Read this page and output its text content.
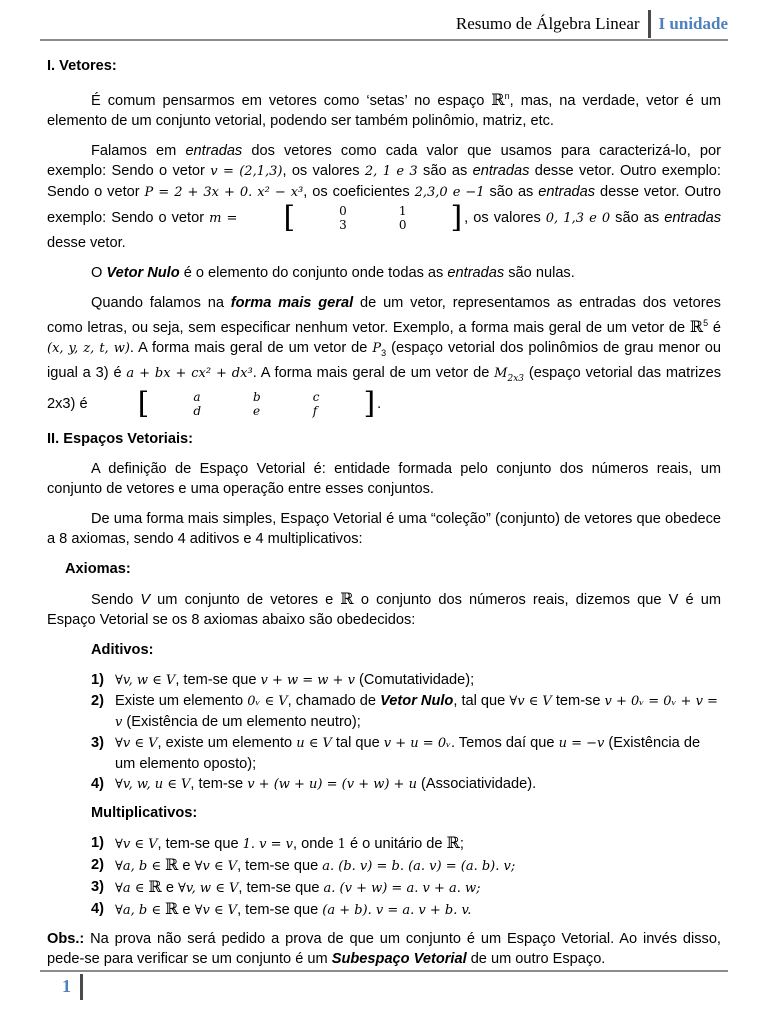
Resumo de Álgebra Linear	I unidade
I. Vetores:

É comum pensarmos em vetores como ‘setas’ no espaço ℝ$^n$, mas, na verdade, vetor é um elemento de um conjunto vetorial, podendo ser também polinômio, matriz, etc.

Falamos em entradas dos vetores como cada valor que usamos para caracterizá-lo, por exemplo: Sendo o vetor v = (2,1,3), os valores 2, 1 e 3 são as entradas desse vetor. Outro exemplo: Sendo o vetor P = 2 + 3x + 0. x² − x³, os coeficientes 2,3,0 e −1 são as entradas desse vetor. Outro exemplo: Sendo o vetor m =	[	0	1
3	0	] , os valores 0, 1,3 e 0 são as entradas desse vetor.

O Vetor Nulo é o elemento do conjunto onde todas as entradas são nulas.

Quando falamos na forma mais geral de um vetor, representamos as entradas dos vetores como letras, ou seja, sem especificar nenhum vetor. Exemplo, a forma mais geral de um vetor de ℝ$^5$ é (x, y, z, t, w). A forma mais geral de um vetor de $P_3$ (espaço vetorial dos polinômios de grau menor ou igual a 3) é a + bx + cx² + dx³. A forma mais geral de um vetor de $M_{2x3}$ (espaço vetorial das matrizes 2x3) é	[	a	b	c
d	e	f	] .

II. Espaços Vetoriais:

A definição de Espaço Vetorial é: entidade formada pelo conjunto dos números reais, um conjunto de vetores e uma operação entre esses conjuntos.

De uma forma mais simples, Espaço Vetorial é uma “coleção” (conjunto) de vetores que obedece a 8 axiomas, sendo 4 aditivos e 4 multiplicativos:

Axiomas:

Sendo V um conjunto de vetores e ℝ o conjunto dos números reais, dizemos que V é um Espaço Vetorial se os 8 axiomas abaixo são obedecidos:

Aditivos:
1) ∀v, w ∈ V, tem-se que v + w = w + v (Comutatividade);
2) Existe um elemento 0ᵥ ∈ V, chamado de Vetor Nulo, tal que ∀v ∈ V tem-se v + 0ᵥ = 0ᵥ + v = v (Existência de um elemento neutro);
3) ∀v ∈ V, existe um elemento u ∈ V tal que v + u = 0ᵥ. Temos daí que u = −v (Existência de um elemento oposto);
4) ∀v, w, u ∈ V, tem-se v + (w + u) = (v + w) + u (Associatividade).
Multiplicativos:
1) ∀v ∈ V, tem-se que 1. v = v, onde 1 é o unitário de ℝ;
2) ∀a, b ∈ ℝ e ∀v ∈ V, tem-se que a. (b. v) = b. (a. v) = (a. b). v;
3) ∀a ∈ ℝ e ∀v, w ∈ V, tem-se que a. (v + w) = a. v + a. w;
4) ∀a, b ∈ ℝ e ∀v ∈ V, tem-se que (a + b). v = a. v + b. v.

Obs.: Na prova não será pedido a prova de que um conjunto é um Espaço Vetorial. Ao invés disso, pede-se para verificar se um conjunto é um Subespaço Vetorial de um outro Espaço.

1
